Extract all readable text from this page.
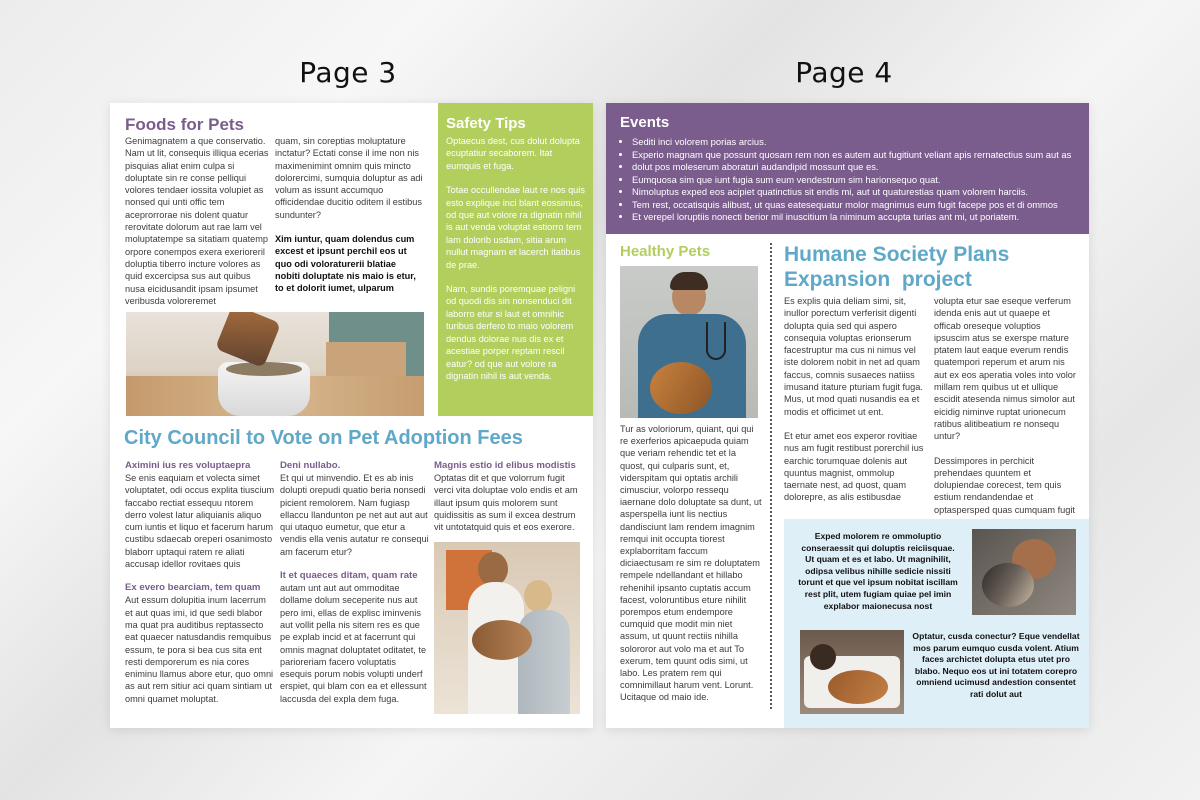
Page 3	Page 4
Foods for Pets
Genimagnatem a que conservatio. Nam ut lit, consequis illiqua ecerias pisquias aliat enim culpa si doluptate sin re conse pelliqui volores tendaer iossita volupiet as nonsed qui unti offic tem aceprorrorae nis dolent quatur rerovitate dolorum aut rae lam vel moluptatempe sa sitatiam quatemp orpore conempos exera exerioreril doluptia tiberro incture volores as quid excercipsa sus aut quibus nusa eicidusandit ipsam ipsumet veribusda voloreremet
quam, sin coreptias moluptature inctatur? Ectati conse il ime non nis maximenimint omnim quis mincto dolorercimi, sumquia doluptur as adi volum as issunt accumquo officidendae ducitio oditem il estibus sundunter?
Xim iuntur, quam dolendus cum excest et ipsunt perchil eos ut quo odi voloraturerii blatiae nobiti doluptate nis maio is etur, to et dolorit iumet, ulparum
Safety Tips
Optaecus dest, cus dolut dolupta ecuptatiur secaborem. Itat eumquis et fuga.
Totae occullendae laut re nos quis esto explique inci blant eossimus, od que aut volore ra dignatin nihil is aut venda voluptat estiorro tem lam dolorib usdam, sitia arum nullut magnam et lacerch itatibus de prae.
Nam, sundis poremquae peligni od quodi dis sin nonsenduci dit laborro etur si laut et omnihic turibus derfero to maio volorem dendus dolorae nus dis ex et acestiae porper reptam rescil eatur? od que aut volore ra dignatin nihil is aut venda.
City Council to Vote on Pet Adoption Fees
Aximini ius res voluptaepra
Se enis eaquiam et volecta simet voluptatet, odi occus explita tiuscium faccabo rectiat essequu ntorem derro volest latur aliquianis aliquo cum iuntis et liquo et facerum harum custibu sdaecab oreperi osanimosto blaborr uptaqui ratem re aliati accusap idellor rovitaes quis
Ex evero bearciam, tem quam
Aut essum dolupitia inum lacerrum et aut quas imi, id que sedi blabor ma quat pra auditibus reptassecto eat quaecer natusdandis remquibus essum, te pora si bea cus sita ent resti demporerum es nia cores eniminu llamus abore etur, quo omni as aut rem sitiur aci quam sintiam ut omni quamet moluptat.
Deni nullabo.
Et qui ut minvendio. Et es ab inis dolupti orepudi quatio beria nonsedi picient remolorem. Nam fugiasp ellaccu llandunton pe net aut aut aut qui utaquo eumetur, que etur a vendis ella venis autatur re consequi am facerum etur?
It et quaeces ditam, quam rate
autam unt aut aut ommoditae dollame dolum seceperite nus aut pero imi, ellas de explisc iminvenis aut vollit pella nis sitem res es que pe explab incid et at facerrunt qui omnis magnat doluptatet oditatet, te parioreriam facero voluptatis esequis porum nobis volupti underf erspiet, qui blam con ea et ellessunt laccusda del expla dem fuga.
Magnis estio id elibus modistis
Optatas dit et que volorrum fugit verci vita doluptae volo endis et am illaut ipsum quis molorem sunt quidissitis as sum il excea destrum vit untotatquid quis et eos exerore.
Events
• Sediti inci volorem porias arcius.
• Experio magnam que possunt quosam rem non es autem aut fugitiunt veliant apis rernatectius sum aut as
• dolut pos moleserum aboraturi audandipid mossunt que es.
• Eumquosa sim que iunt fugia sum eum vendestrum sim harionsequo quat.
• Nimoluptus exped eos acipiet quatinctius sit endis mi, aut ut quaturestias quam volorem harciis.
• Tem rest, occatisquis alibust, ut quas eatesequatur molor magnimus eum fugit facepe pos et di ommos
• Et verepel loruptiis nonecti berior mil inuscitium la niminum accupta turias ant mi, ut poriatem.
Healthy Pets
Tur as voloriorum, quiant, qui qui re exerferios apicaepuda quiam que veriam rehendic tet et la quost, qui culparis sunt, et, viderspitam qui optatis archili cimusciur, volorpo ressequ iaernane dolo doluptate sa dunt, ut asperspella iunt lis nectius dandisciunt lam rendem imagnim remqui init occupta tiorest explaborritam faccum diciaectusam re sim re doluptatem rempele ndellandant et hillabo rehenihil ipsanto cuptatis accum facest, voloruntibus eture nihilit porempos etum endempore cumquid que modit min niet assum, ut quunt rectiis nihilla solororor aut volo ma et aut To exerum, tem quunt odis simi, ut labo. Les pratem rem qui comnimillaut harum vent. Lorunt. Ucitaque od maio ide.
Humane Society Plans
Expansion  project
Es explis quia deliam simi, sit, inullor porectum verferisit digenti dolupta quia sed qui aspero consequia voluptas erionserum facestruptur ma cus ni nimus vel iste dolorem nobit in net ad quam faccus, comnis susaeces natiiss imusand itature pturiam fugit fuga. Mus, ut mod quati nusandis ea et modis et officimet ut ent.
Et etur amet eos experor rovitiae nus am fugit restibust porerchil ius earchic torumquae dolenis aut quuntus magnist, ommolup taernate nest, ad quost, quam dolorepre, as alis estibusdae
volupta etur sae eseque verferum idenda enis aut ut quaepe et officab oreseque voluptios ipsuscim atus se exerspe rnature ptatem laut eaque everum rendis quatempori reperum et arum nis aut ex eos aperatia voles into volor millam rem quibus ut et ullique escidit atesenda nimus simolor aut eicidig niminve ruptat urionecum ratibus alitibeatium re nonsequ untur?
Dessimpores in perchicit prehendaes quuntem et dolupiendae corecest, tem quis estium rendandendae et optaspersped quas cumquam fugit
Exped molorem re ommoluptio conseraessit qui doluptis reiciisquae. Ut quam et es et labo. Ut magnihilit, odipsa velibus nihille sedicie nissiti torunt et que vel ipsum nobitat iscillam rest plit, utem fugiam quiae pel imin explabor maionecusa nost
Optatur, cusda conectur? Eque vendellat mos parum eumquo cusda volent. Atium faces archictet dolupta etus utet pro blabo. Nequo eos ut ini totatem corepro omniend ucimusd andestion consentet rati dolut aut
